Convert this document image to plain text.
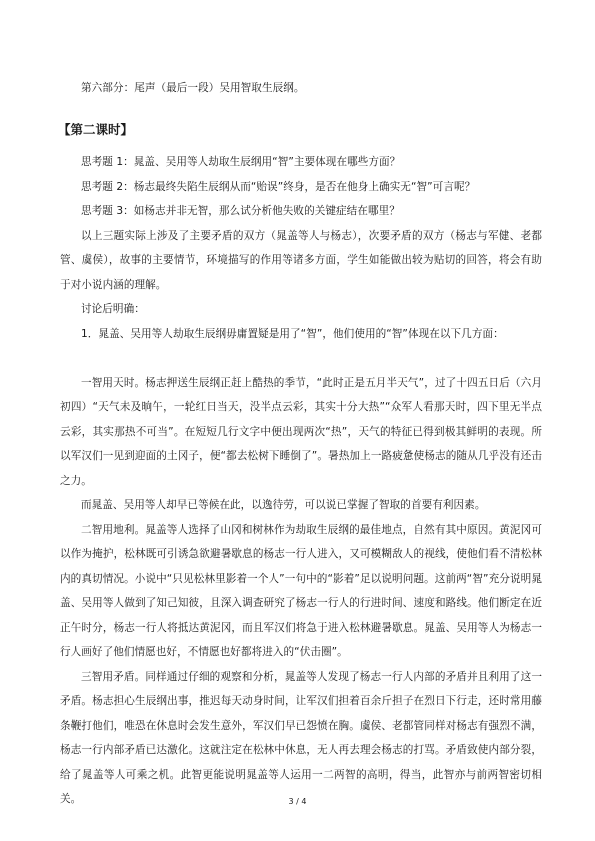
第六部分：尾声（最后一段）吴用智取生辰纲。

【第二课时】

思考题 1：晁盖、吴用等人劫取生辰纲用“智”主要体现在哪些方面？

思考题 2：杨志最终失陷生辰纲从而“贻误”终身，是否在他身上确实无“智”可言呢？

思考题 3：如杨志并非无智，那么试分析他失败的关键症结在哪里？

以上三题实际上涉及了主要矛盾的双方（晁盖等人与杨志），次要矛盾的双方（杨志与军健、老都管、虞侯），故事的主要情节，环境描写的作用等诸多方面，学生如能做出较为贴切的回答，将会有助于对小说内涵的理解。

讨论后明确：

1．晁盖、吴用等人劫取生辰纲毋庸置疑是用了“智”，他们使用的“智”体现在以下几方面：

一智用天时。杨志押送生辰纲正赶上酷热的季节，“此时正是五月半天气”，过了十四五日后（六月初四）“天气未及晌午，一轮红日当天，没半点云彩，其实十分大热”“众军人看那天时，四下里无半点云彩，其实那热不可当”。在短短几行文字中便出现两次“热”，天气的特征已得到极其鲜明的表现。所以军汉们一见到迎面的土冈子，便“都去松树下睡倒了”。暑热加上一路疲惫使杨志的随从几乎没有还击之力。

而晁盖、吴用等人却早已等候在此，以逸待劳，可以说已掌握了智取的首要有利因素。

二智用地利。晁盖等人选择了山冈和树林作为劫取生辰纲的最佳地点，自然有其中原因。黄泥冈可以作为掩护，松林既可引诱急欲避暑歇息的杨志一行人进入，又可模糊敌人的视线，使他们看不清松林内的真切情况。小说中“只见松林里影着一个人”一句中的“影着”足以说明问题。这前两“智”充分说明晁盖、吴用等人做到了知己知彼，且深入调查研究了杨志一行人的行进时间、速度和路线。他们断定在近正午时分，杨志一行人将抵达黄泥冈，而且军汉们将急于进入松林避暑歇息。晁盖、吴用等人为杨志一行人画好了他们情愿也好，不情愿也好都将进入的“伏击圈”。

三智用矛盾。同样通过仔细的观察和分析，晁盖等人发现了杨志一行人内部的矛盾并且利用了这一矛盾。杨志担心生辰纲出事，推迟每天动身时间，让军汉们担着百余斤担子在烈日下行走，还时常用藤条鞭打他们，唯恐在休息时会发生意外，军汉们早已怨愤在胸。虞侯、老都管同样对杨志有强烈不满，杨志一行内部矛盾已达激化。这就注定在松林中休息，无人再去理会杨志的打骂。矛盾致使内部分裂，给了晁盖等人可乘之机。此智更能说明晁盖等人运用一二两智的高明，得当，此智亦与前两智密切相关。	3 / 4
